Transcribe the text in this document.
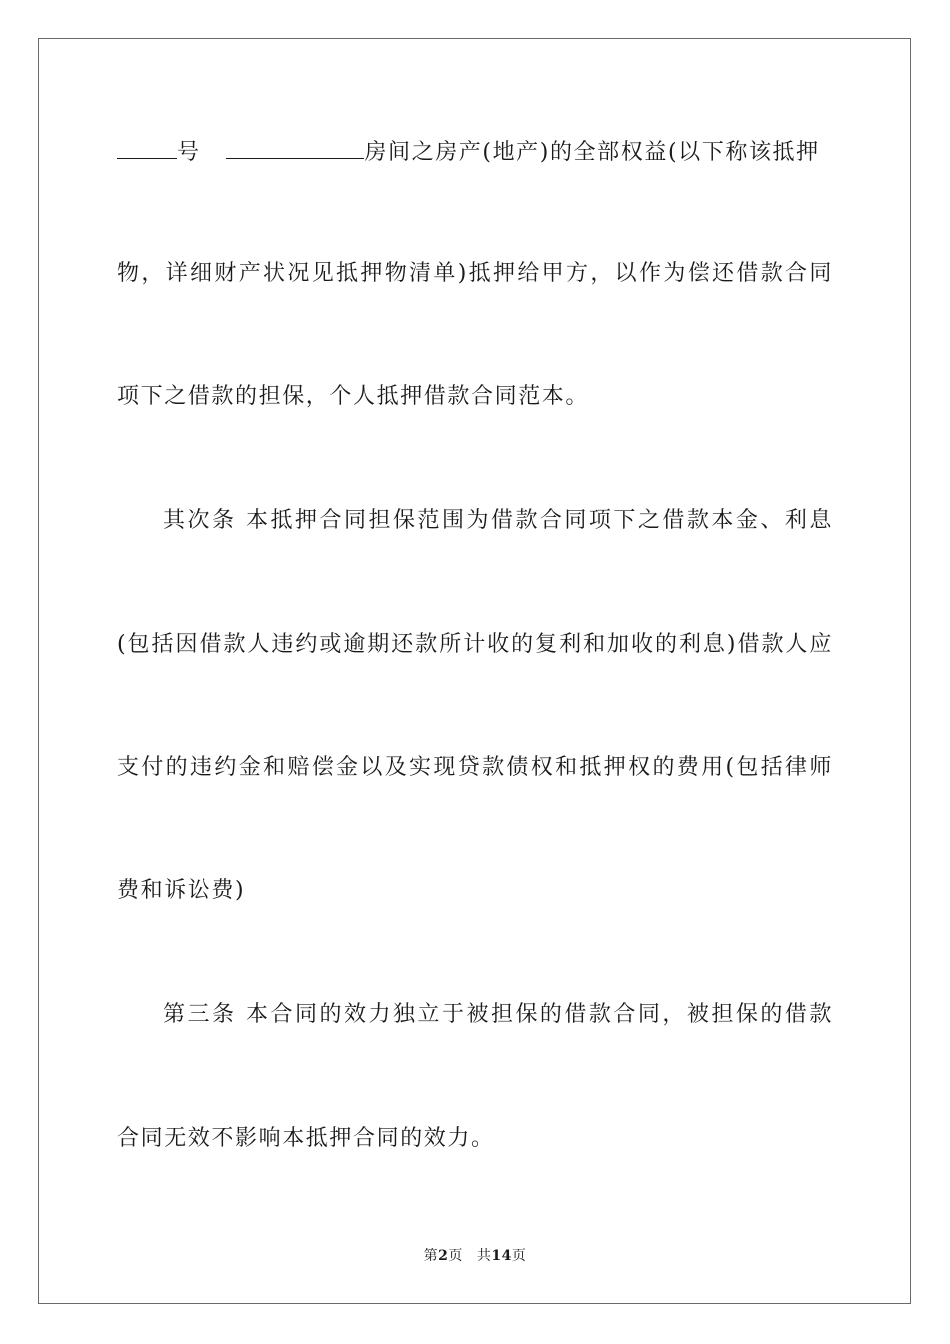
号	房间之房产(地产)的全部权益(以下称该抵押
物，详细财产状况见抵押物清单)抵押给甲方，以作为偿还借款合同
项下之借款的担保，个人抵押借款合同范本。
其次条 本抵押合同担保范围为借款合同项下之借款本金、利息
(包括因借款人违约或逾期还款所计收的复利和加收的利息)借款人应
支付的违约金和赔偿金以及实现贷款债权和抵押权的费用(包括律师
费和诉讼费)
第三条 本合同的效力独立于被担保的借款合同，被担保的借款
合同无效不影响本抵押合同的效力。
第2页 共14页
